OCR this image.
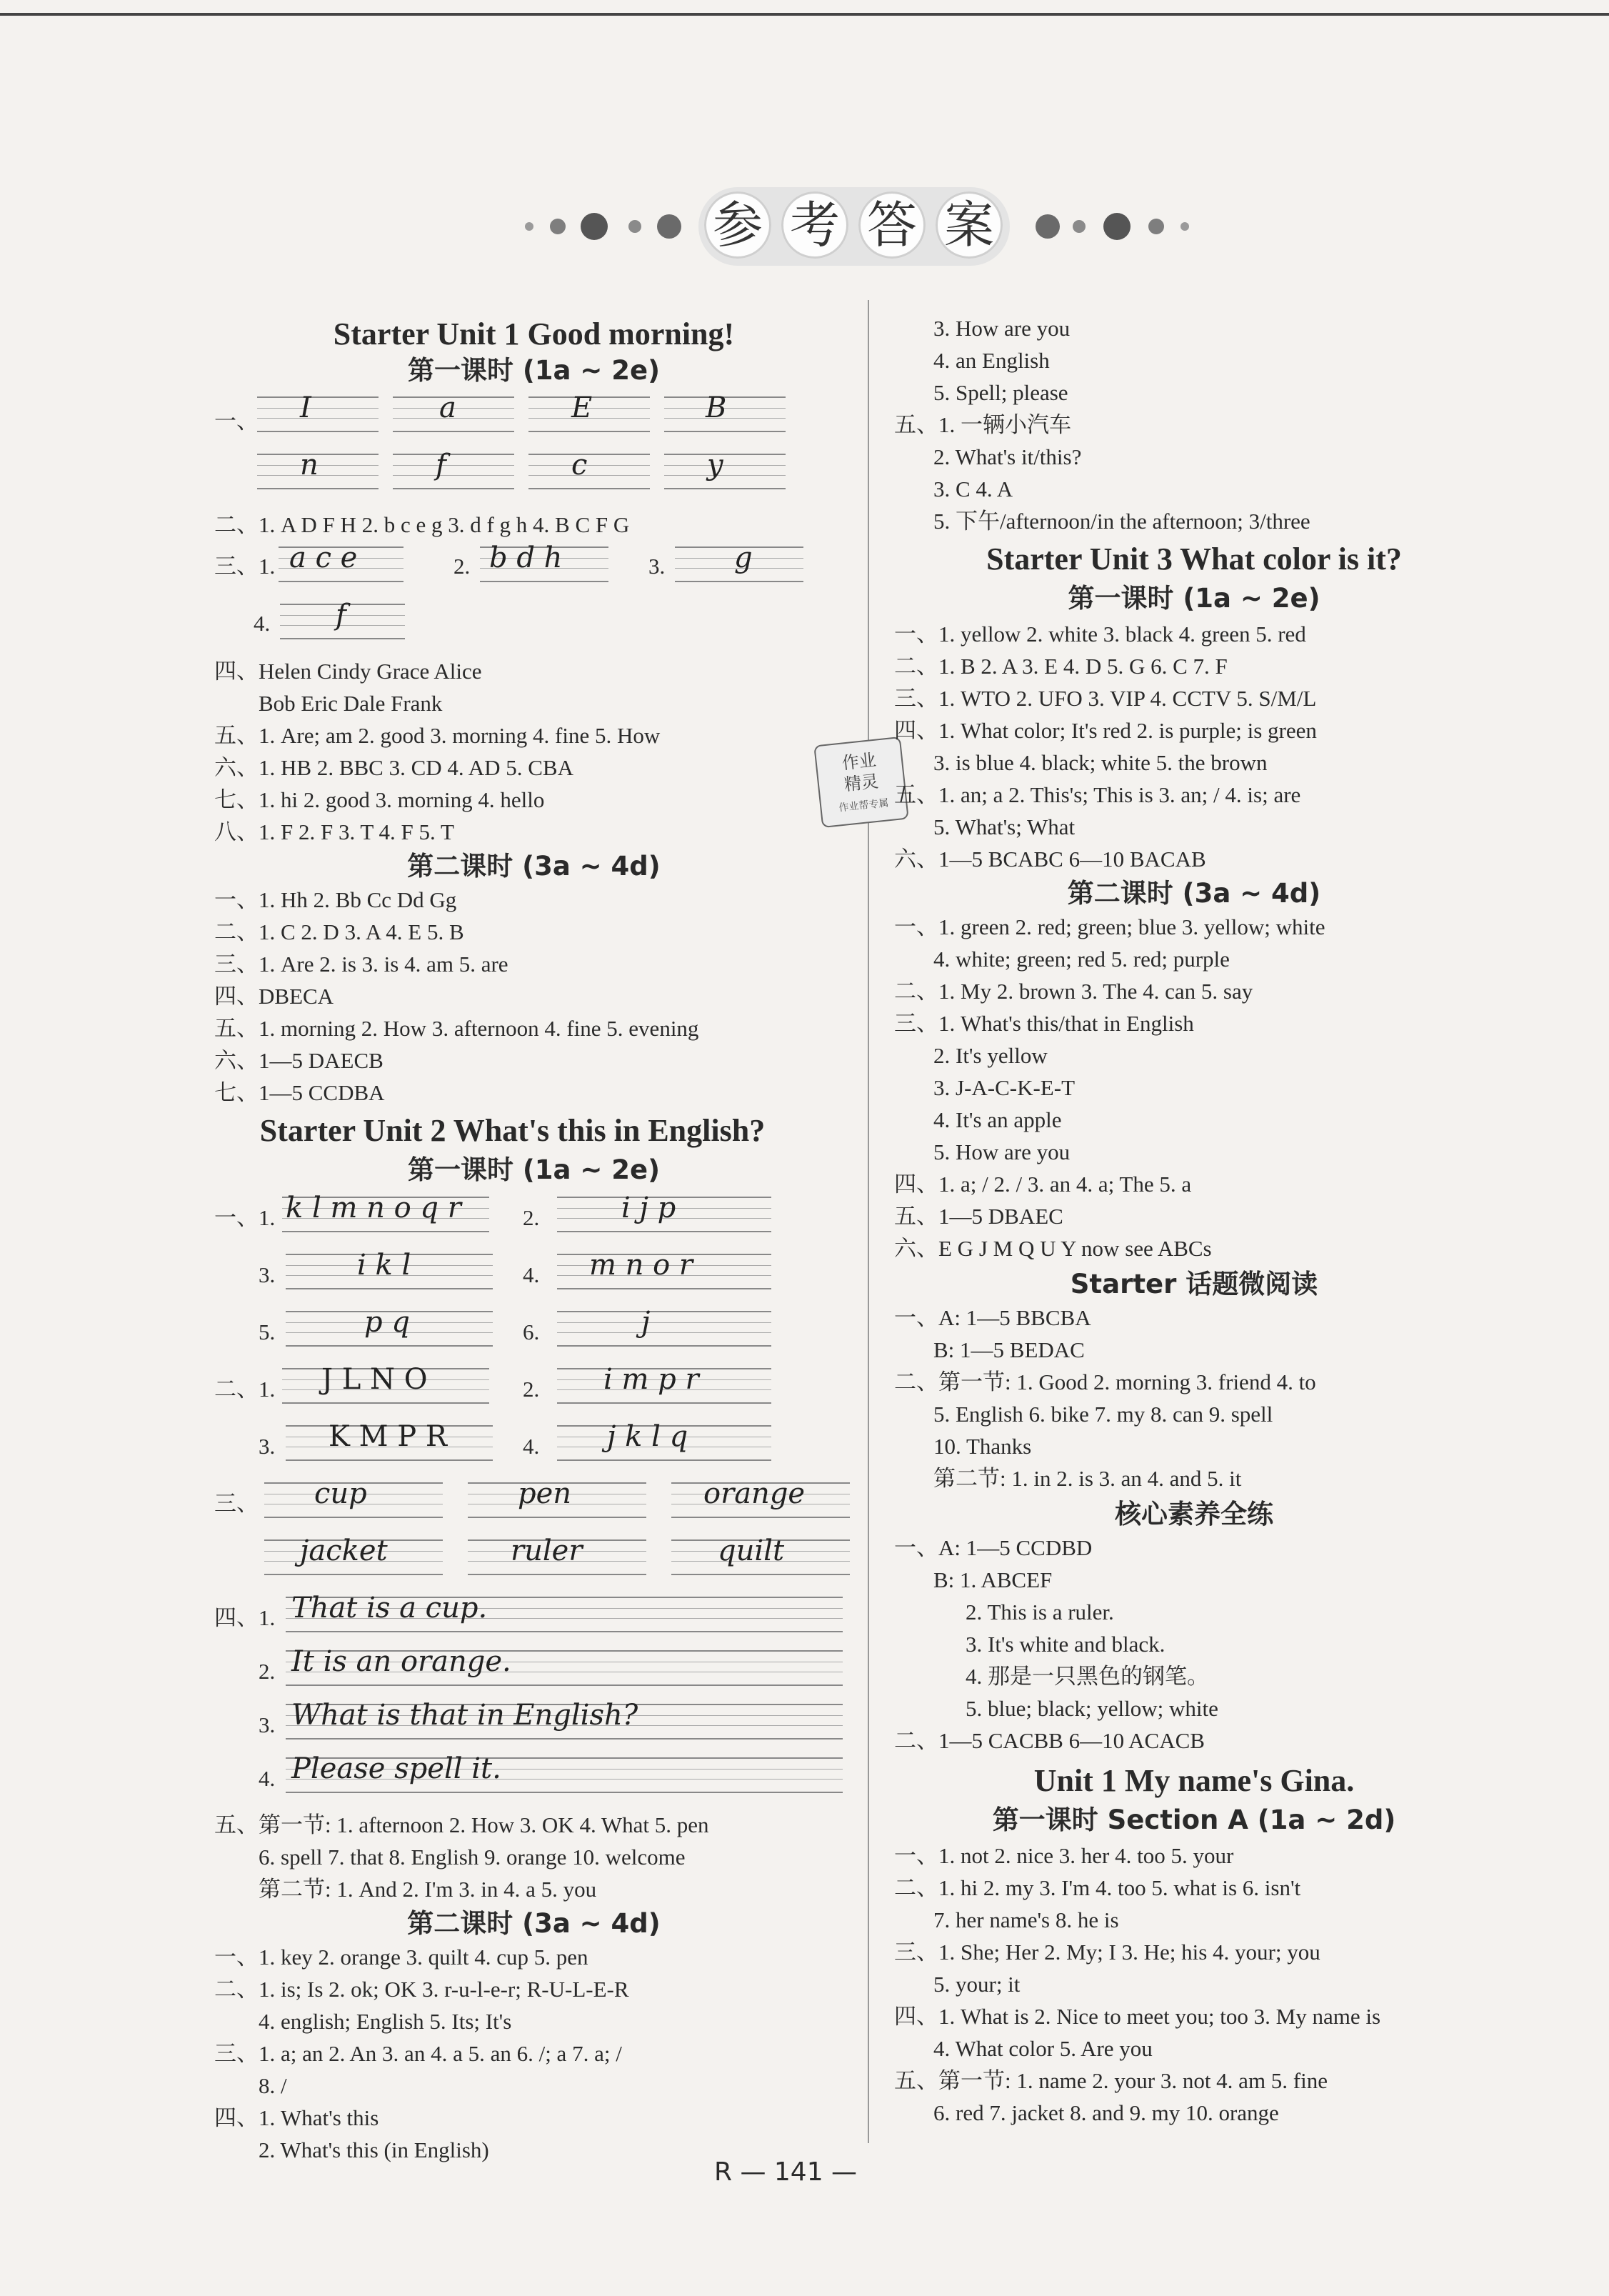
参 考 答 案
Starter Unit 1 Good morning!
第一课时 (1a ~ 2e)
一、 I	a	E	B
n	f	c	y
二、1. A D F H 2. b c e g 3. d f g h 4. B C F G
三、1. a c e	2. b d h	3. g
4. f
四、Helen Cindy Grace Alice
Bob Eric Dale Frank
五、1. Are; am 2. good 3. morning 4. fine 5. How
六、1. HB 2. BBC 3. CD 4. AD 5. CBA
七、1. hi 2. good 3. morning 4. hello
八、1. F 2. F 3. T 4. F 5. T
第二课时 (3a ~ 4d)
一、1. Hh 2. Bb Cc Dd Gg
二、1. C 2. D 3. A 4. E 5. B
三、1. Are 2. is 3. is 4. am 5. are
四、DBECA
五、1. morning 2. How 3. afternoon 4. fine 5. evening
六、1—5 DAECB
七、1—5 CCDBA
Starter Unit 2 What's this in English?
第一课时 (1a ~ 2e)
一、1. k l m n o q r	2.	i j p
3.	i k l	4. m n o r
5.	p q	6.	j
二、1. J L N O	2. i m p r
3. K M P R	4. j k l q
三、 cup	pen	orange
jacket	ruler	quilt
四、1. That is a cup.
2. It is an orange.
3. What is that in English?
4. Please spell it.
五、第一节: 1. afternoon 2. How 3. OK 4. What 5. pen
6. spell 7. that 8. English 9. orange 10. welcome
第二节: 1. And 2. I'm 3. in 4. a 5. you
第二课时 (3a ~ 4d)
一、1. key 2. orange 3. quilt 4. cup 5. pen
二、1. is; Is 2. ok; OK 3. r-u-l-e-r; R-U-L-E-R
4. english; English 5. Its; It's
三、1. a; an 2. An 3. an 4. a 5. an 6. /; a 7. a; /
8. /
四、1. What's this
2. What's this (in English)
作业
精灵
作业帮专属
3. How are you
4. an English
5. Spell; please
五、1. 一辆小汽车
2. What's it/this?
3. C 4. A
5. 下午/afternoon/in the afternoon; 3/three
Starter Unit 3 What color is it?
第一课时 (1a ~ 2e)
一、1. yellow 2. white 3. black 4. green 5. red
二、1. B 2. A 3. E 4. D 5. G 6. C 7. F
三、1. WTO 2. UFO 3. VIP 4. CCTV 5. S/M/L
四、1. What color; It's red 2. is purple; is green
3. is blue 4. black; white 5. the brown
五、1. an; a 2. This's; This is 3. an; / 4. is; are
5. What's; What
六、1—5 BCABC 6—10 BACAB
第二课时 (3a ~ 4d)
一、1. green 2. red; green; blue 3. yellow; white
4. white; green; red 5. red; purple
二、1. My 2. brown 3. The 4. can 5. say
三、1. What's this/that in English
2. It's yellow
3. J-A-C-K-E-T
4. It's an apple
5. How are you
四、1. a; / 2. / 3. an 4. a; The 5. a
五、1—5 DBAEC
六、E G J M Q U Y now see ABCs
Starter 话题微阅读
一、A: 1—5 BBCBA
B: 1—5 BEDAC
二、第一节: 1. Good 2. morning 3. friend 4. to
5. English 6. bike 7. my 8. can 9. spell
10. Thanks
第二节: 1. in 2. is 3. an 4. and 5. it
核心素养全练
一、A: 1—5 CCDBD
B: 1. ABCEF
2. This is a ruler.
3. It's white and black.
4. 那是一只黑色的钢笔。
5. blue; black; yellow; white
二、1—5 CACBB 6—10 ACACB
Unit 1 My name's Gina.
第一课时 Section A (1a ~ 2d)
一、1. not 2. nice 3. her 4. too 5. your
二、1. hi 2. my 3. I'm 4. too 5. what is 6. isn't
7. her name's 8. he is
三、1. She; Her 2. My; I 3. He; his 4. your; you
5. your; it
四、1. What is 2. Nice to meet you; too 3. My name is
4. What color 5. Are you
五、第一节: 1. name 2. your 3. not 4. am 5. fine
6. red 7. jacket 8. and 9. my 10. orange
R — 141 —
